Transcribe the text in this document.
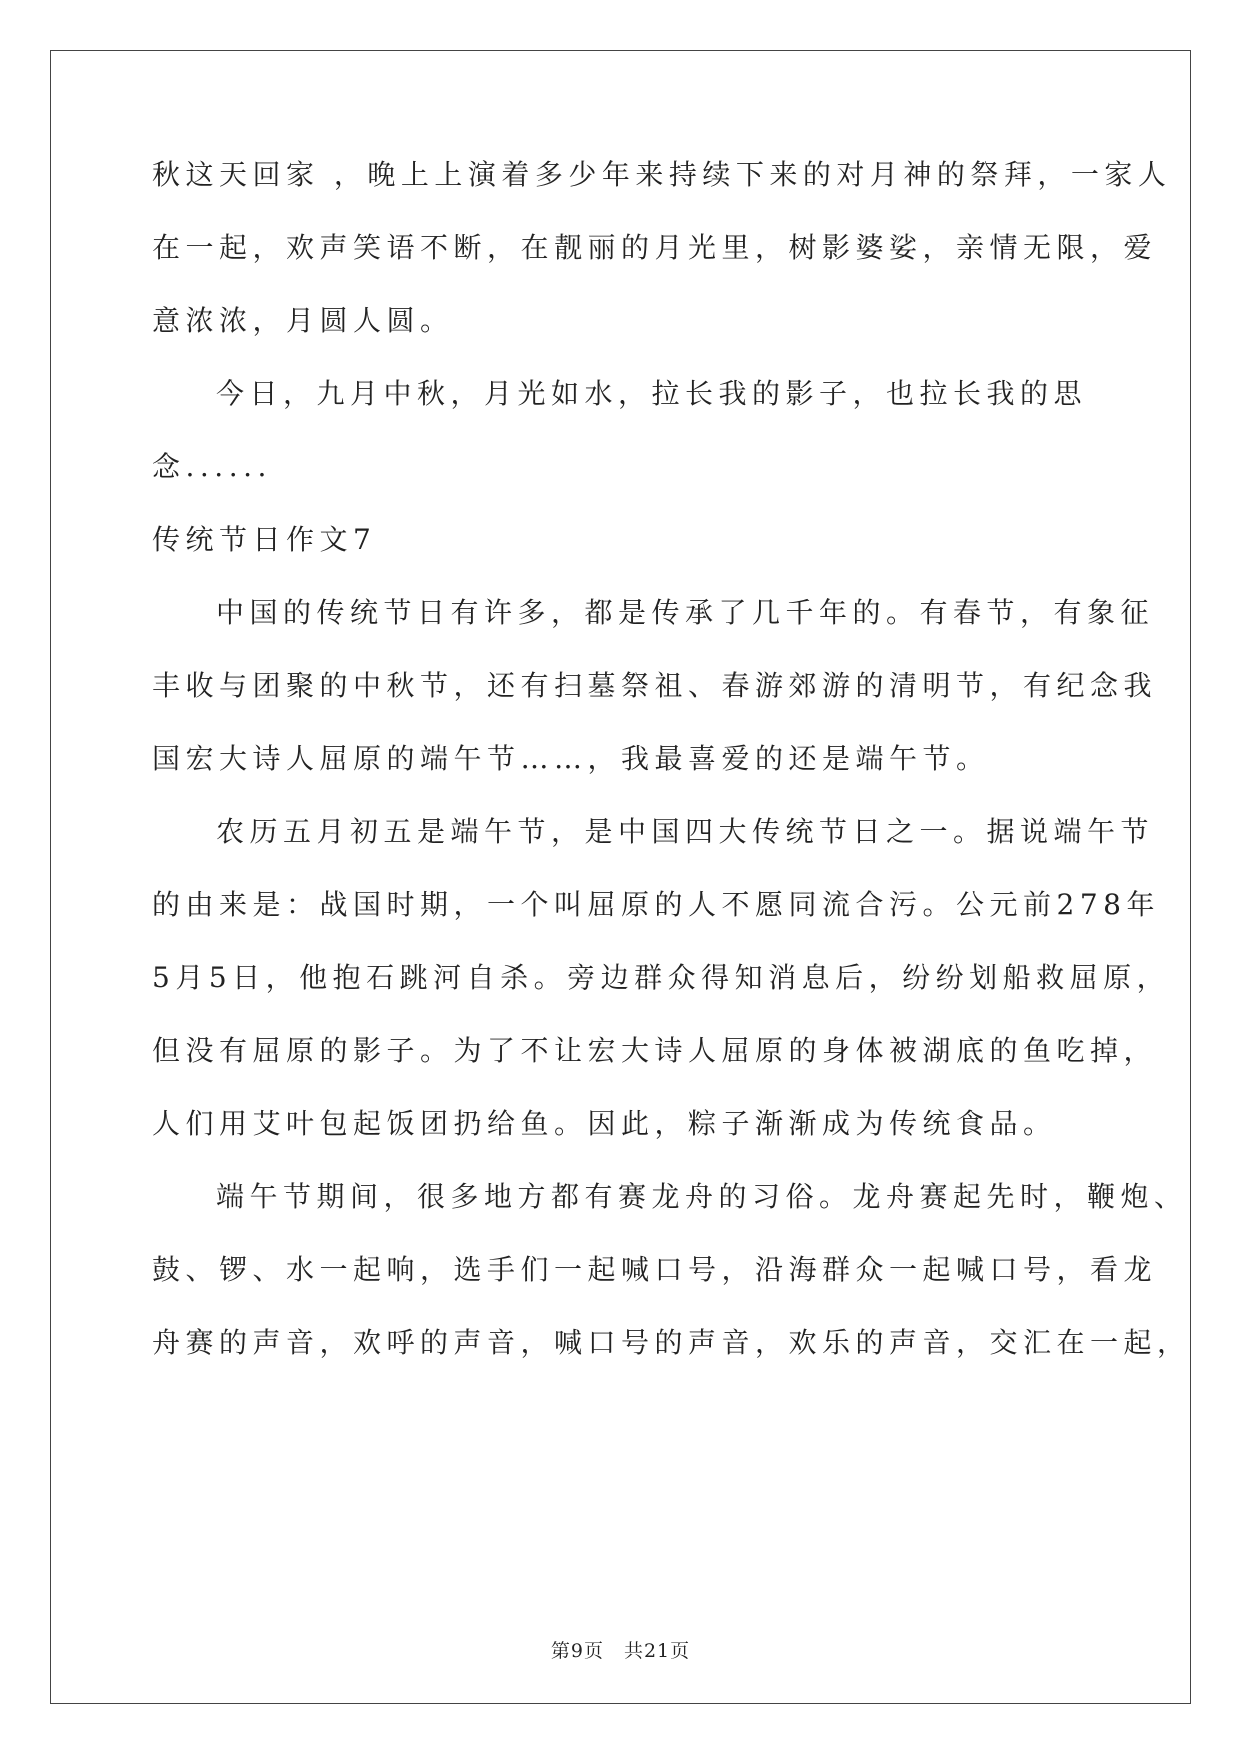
秋这天回家 ，晚上上演着多少年来持续下来的对月神的祭拜，一家人
在一起，欢声笑语不断，在靓丽的月光里，树影婆娑，亲情无限，爱
意浓浓，月圆人圆。
今日，九月中秋，月光如水，拉长我的影子，也拉长我的思
念......
传统节日作文7
中国的传统节日有许多，都是传承了几千年的。有春节，有象征
丰收与团聚的中秋节，还有扫墓祭祖、春游郊游的清明节，有纪念我
国宏大诗人屈原的端午节……，我最喜爱的还是端午节。
农历五月初五是端午节，是中国四大传统节日之一。据说端午节
的由来是：战国时期，一个叫屈原的人不愿同流合污。公元前278年
5月5日，他抱石跳河自杀。旁边群众得知消息后，纷纷划船救屈原，
但没有屈原的影子。为了不让宏大诗人屈原的身体被湖底的鱼吃掉，
人们用艾叶包起饭团扔给鱼。因此，粽子渐渐成为传统食品。
端午节期间，很多地方都有赛龙舟的习俗。龙舟赛起先时，鞭炮、
鼓、锣、水一起响，选手们一起喊口号，沿海群众一起喊口号，看龙
舟赛的声音，欢呼的声音，喊口号的声音，欢乐的声音，交汇在一起，
第9页　共21页
